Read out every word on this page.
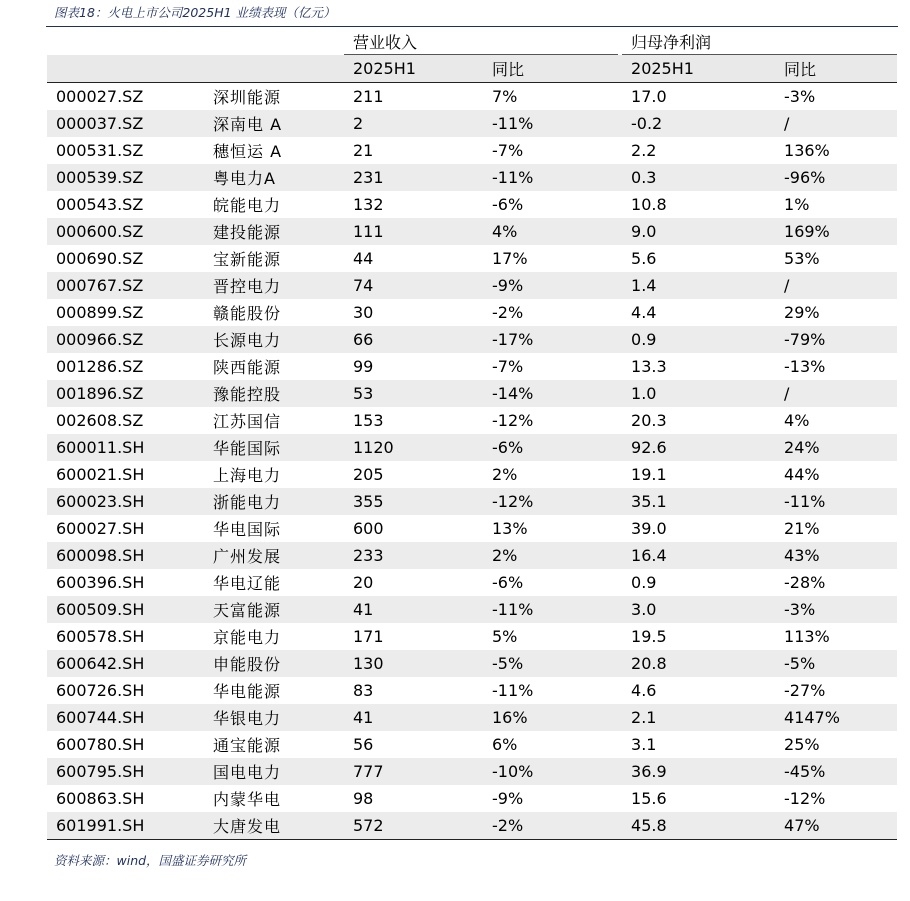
图表18：火电上市公司2025H1 业绩表现（亿元）
		营业收入		归母净利润	

		2025H1	同比	2025H1	同比
000027.SZ	深圳能源	211	7%	17.0	-3%
000037.SZ	深南电 A	2	-11%	-0.2	/
000531.SZ	穗恒运 A	21	-7%	2.2	136%
000539.SZ	粤电力A	231	-11%	0.3	-96%
000543.SZ	皖能电力	132	-6%	10.8	1%
000600.SZ	建投能源	111	4%	9.0	169%
000690.SZ	宝新能源	44	17%	5.6	53%
000767.SZ	晋控电力	74	-9%	1.4	/
000899.SZ	赣能股份	30	-2%	4.4	29%
000966.SZ	长源电力	66	-17%	0.9	-79%
001286.SZ	陕西能源	99	-7%	13.3	-13%
001896.SZ	豫能控股	53	-14%	1.0	/
002608.SZ	江苏国信	153	-12%	20.3	4%
600011.SH	华能国际	1120	-6%	92.6	24%
600021.SH	上海电力	205	2%	19.1	44%
600023.SH	浙能电力	355	-12%	35.1	-11%
600027.SH	华电国际	600	13%	39.0	21%
600098.SH	广州发展	233	2%	16.4	43%
600396.SH	华电辽能	20	-6%	0.9	-28%
600509.SH	天富能源	41	-11%	3.0	-3%
600578.SH	京能电力	171	5%	19.5	113%
600642.SH	申能股份	130	-5%	20.8	-5%
600726.SH	华电能源	83	-11%	4.6	-27%
600744.SH	华银电力	41	16%	2.1	4147%
600780.SH	通宝能源	56	6%	3.1	25%
600795.SH	国电电力	777	-10%	36.9	-45%
600863.SH	内蒙华电	98	-9%	15.6	-12%
601991.SH	大唐发电	572	-2%	45.8	47%
资料来源：wind，国盛证券研究所
